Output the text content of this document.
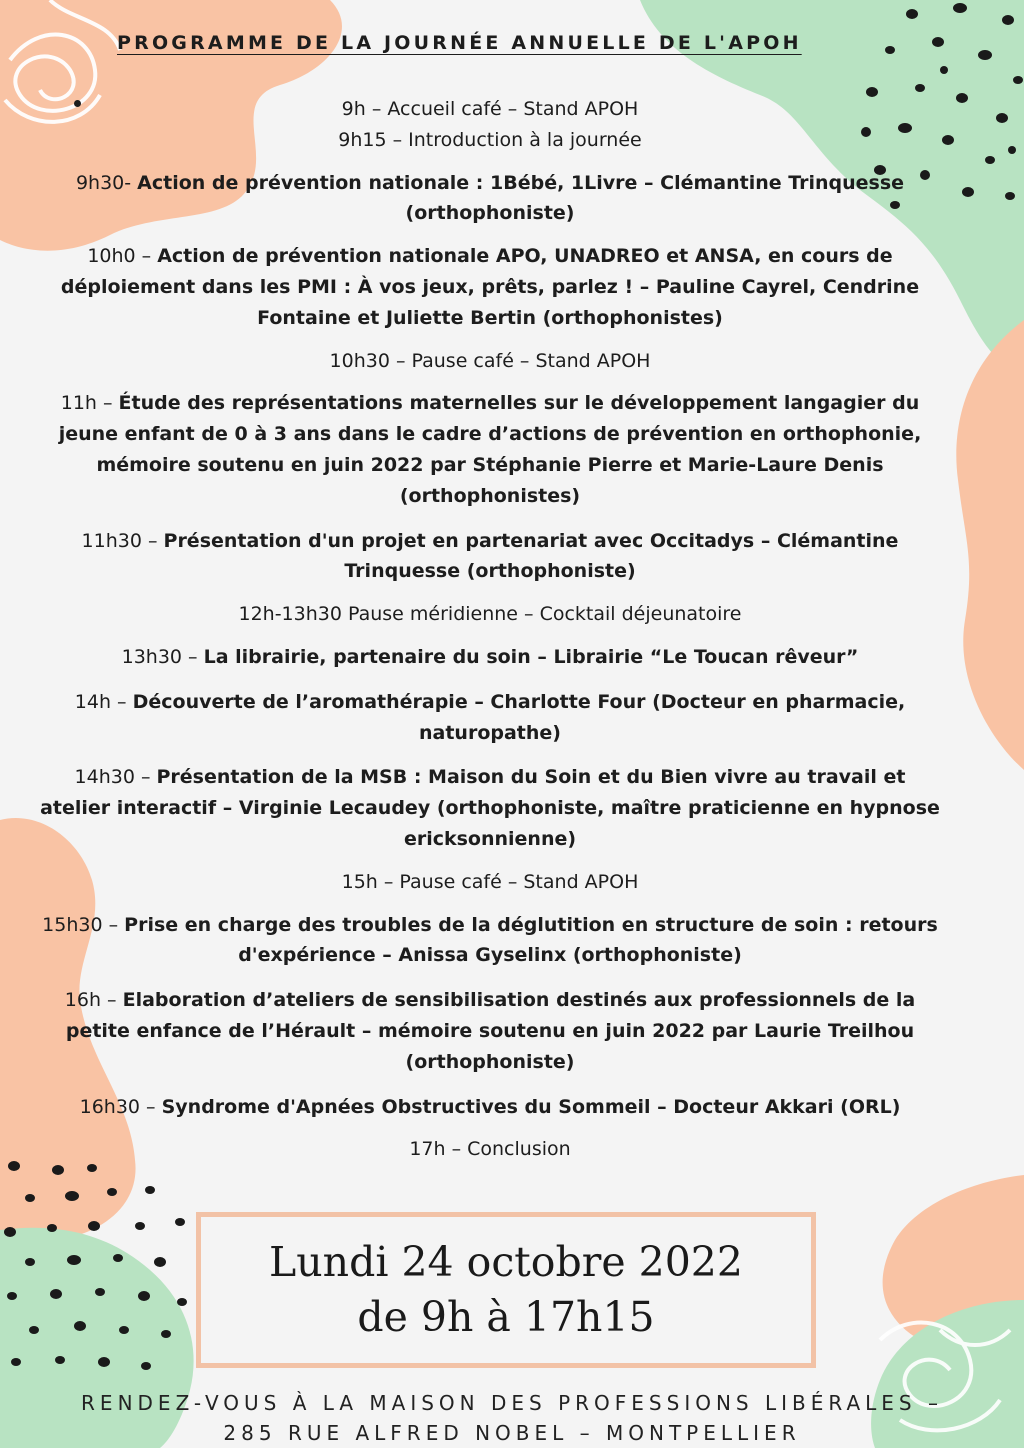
PROGRAMME DE LA JOURNÉE ANNUELLE DE L'APOH

9h – Accueil café – Stand APOH

9h15 – Introduction à la journée

9h30- Action de prévention nationale : 1Bébé, 1Livre – Clémantine Trinquesse (orthophoniste)

10h0 – Action de prévention nationale APO, UNADREO et ANSA, en cours de déploiement dans les PMI : À vos jeux, prêts, parlez ! – Pauline Cayrel, Cendrine Fontaine et Juliette Bertin (orthophonistes)

10h30 – Pause café – Stand APOH

11h – Étude des représentations maternelles sur le développement langagier du jeune enfant de 0 à 3 ans dans le cadre d’actions de prévention en orthophonie, mémoire soutenu en juin 2022 par Stéphanie Pierre et Marie-Laure Denis (orthophonistes)

11h30 – Présentation d'un projet en partenariat avec Occitadys – Clémantine Trinquesse (orthophoniste)

12h-13h30 Pause méridienne – Cocktail déjeunatoire

13h30 – La librairie, partenaire du soin – Librairie “Le Toucan rêveur”

14h – Découverte de l’aromathérapie – Charlotte Four (Docteur en pharmacie, naturopathe)

14h30 – Présentation de la MSB : Maison du Soin et du Bien vivre au travail et atelier interactif – Virginie Lecaudey (orthophoniste, maître praticienne en hypnose ericksonnienne)

15h – Pause café – Stand APOH

15h30 – Prise en charge des troubles de la déglutition en structure de soin : retours d'expérience – Anissa Gyselinx (orthophoniste)

16h – Elaboration d’ateliers de sensibilisation destinés aux professionnels de la petite enfance de l’Hérault – mémoire soutenu en juin 2022 par Laurie Treilhou (orthophoniste)

16h30 – Syndrome d'Apnées Obstructives du Sommeil – Docteur Akkari (ORL)

17h – Conclusion

Lundi 24 octobre 2022
de 9h à 17h15
RENDEZ-VOUS À LA MAISON DES PROFESSIONS LIBÉRALES –
285 RUE ALFRED NOBEL – MONTPELLIER
